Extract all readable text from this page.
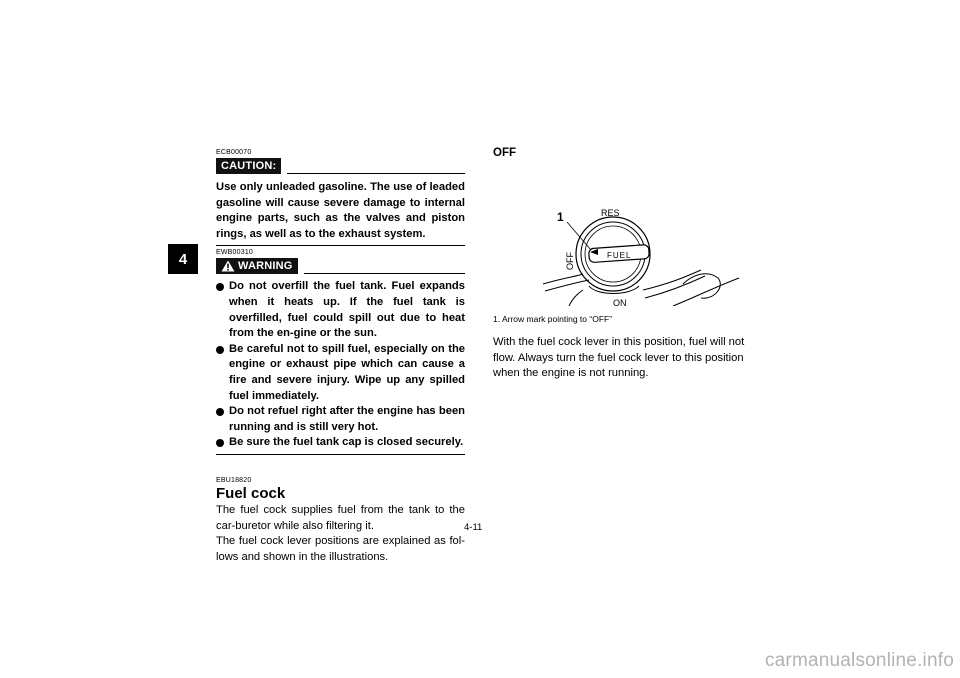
4
ECB00070
CAUTION:

Use only unleaded gasoline. The use of leaded gasoline will cause severe damage to internal engine parts, such as the valves and piston rings, as well as to the exhaust system.

EWB00310
WARNING
Do not overfill the fuel tank. Fuel expands when it heats up. If the fuel tank is overfilled, fuel could spill out due to heat from the en-gine or the sun.
Be careful not to spill fuel, especially on the engine or exhaust pipe which can cause a fire and severe injury. Wipe up any spilled fuel immediately.
Do not refuel right after the engine has been running and is still very hot.
Be sure the fuel tank cap is closed securely.
EBU18820
Fuel cock

The fuel cock supplies fuel from the tank to the car-buretor while also filtering it.

The fuel cock lever positions are explained as fol-lows and shown in the illustrations.

OFF

1	RES
FUEL
OFF
ON
1. Arrow mark pointing to “OFF”
With the fuel cock lever in this position, fuel will not flow. Always turn the fuel cock lever to this position when the engine is not running.
4-11
carmanualsonline.info
